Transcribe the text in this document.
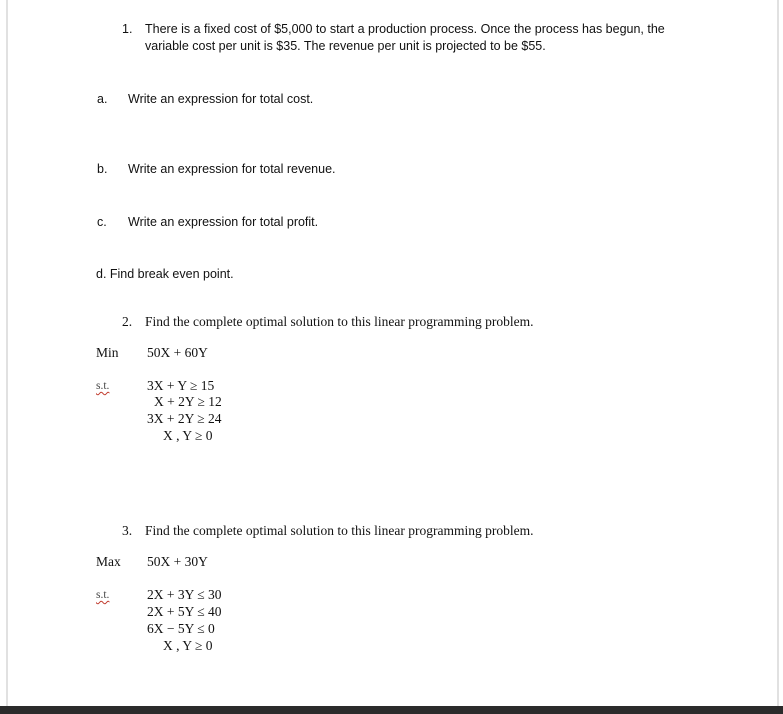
1. There is a fixed cost of $5,000 to start a production process. Once the process has begun, the
variable cost per unit is $35. The revenue per unit is projected to be $55.
a. Write an expression for total cost.
b. Write an expression for total revenue.
c. Write an expression for total profit.
d. Find break even point.
2. Find the complete optimal solution to this linear programming problem.
Min 50X + 60Y
s.t.	3X + Y ≥ 15
X + 2Y ≥ 12
3X + 2Y ≥ 24
X , Y ≥ 0
3. Find the complete optimal solution to this linear programming problem.
Max 50X + 30Y
s.t.	2X + 3Y ≤ 30
2X + 5Y ≤ 40
6X − 5Y ≤ 0
X , Y ≥ 0
